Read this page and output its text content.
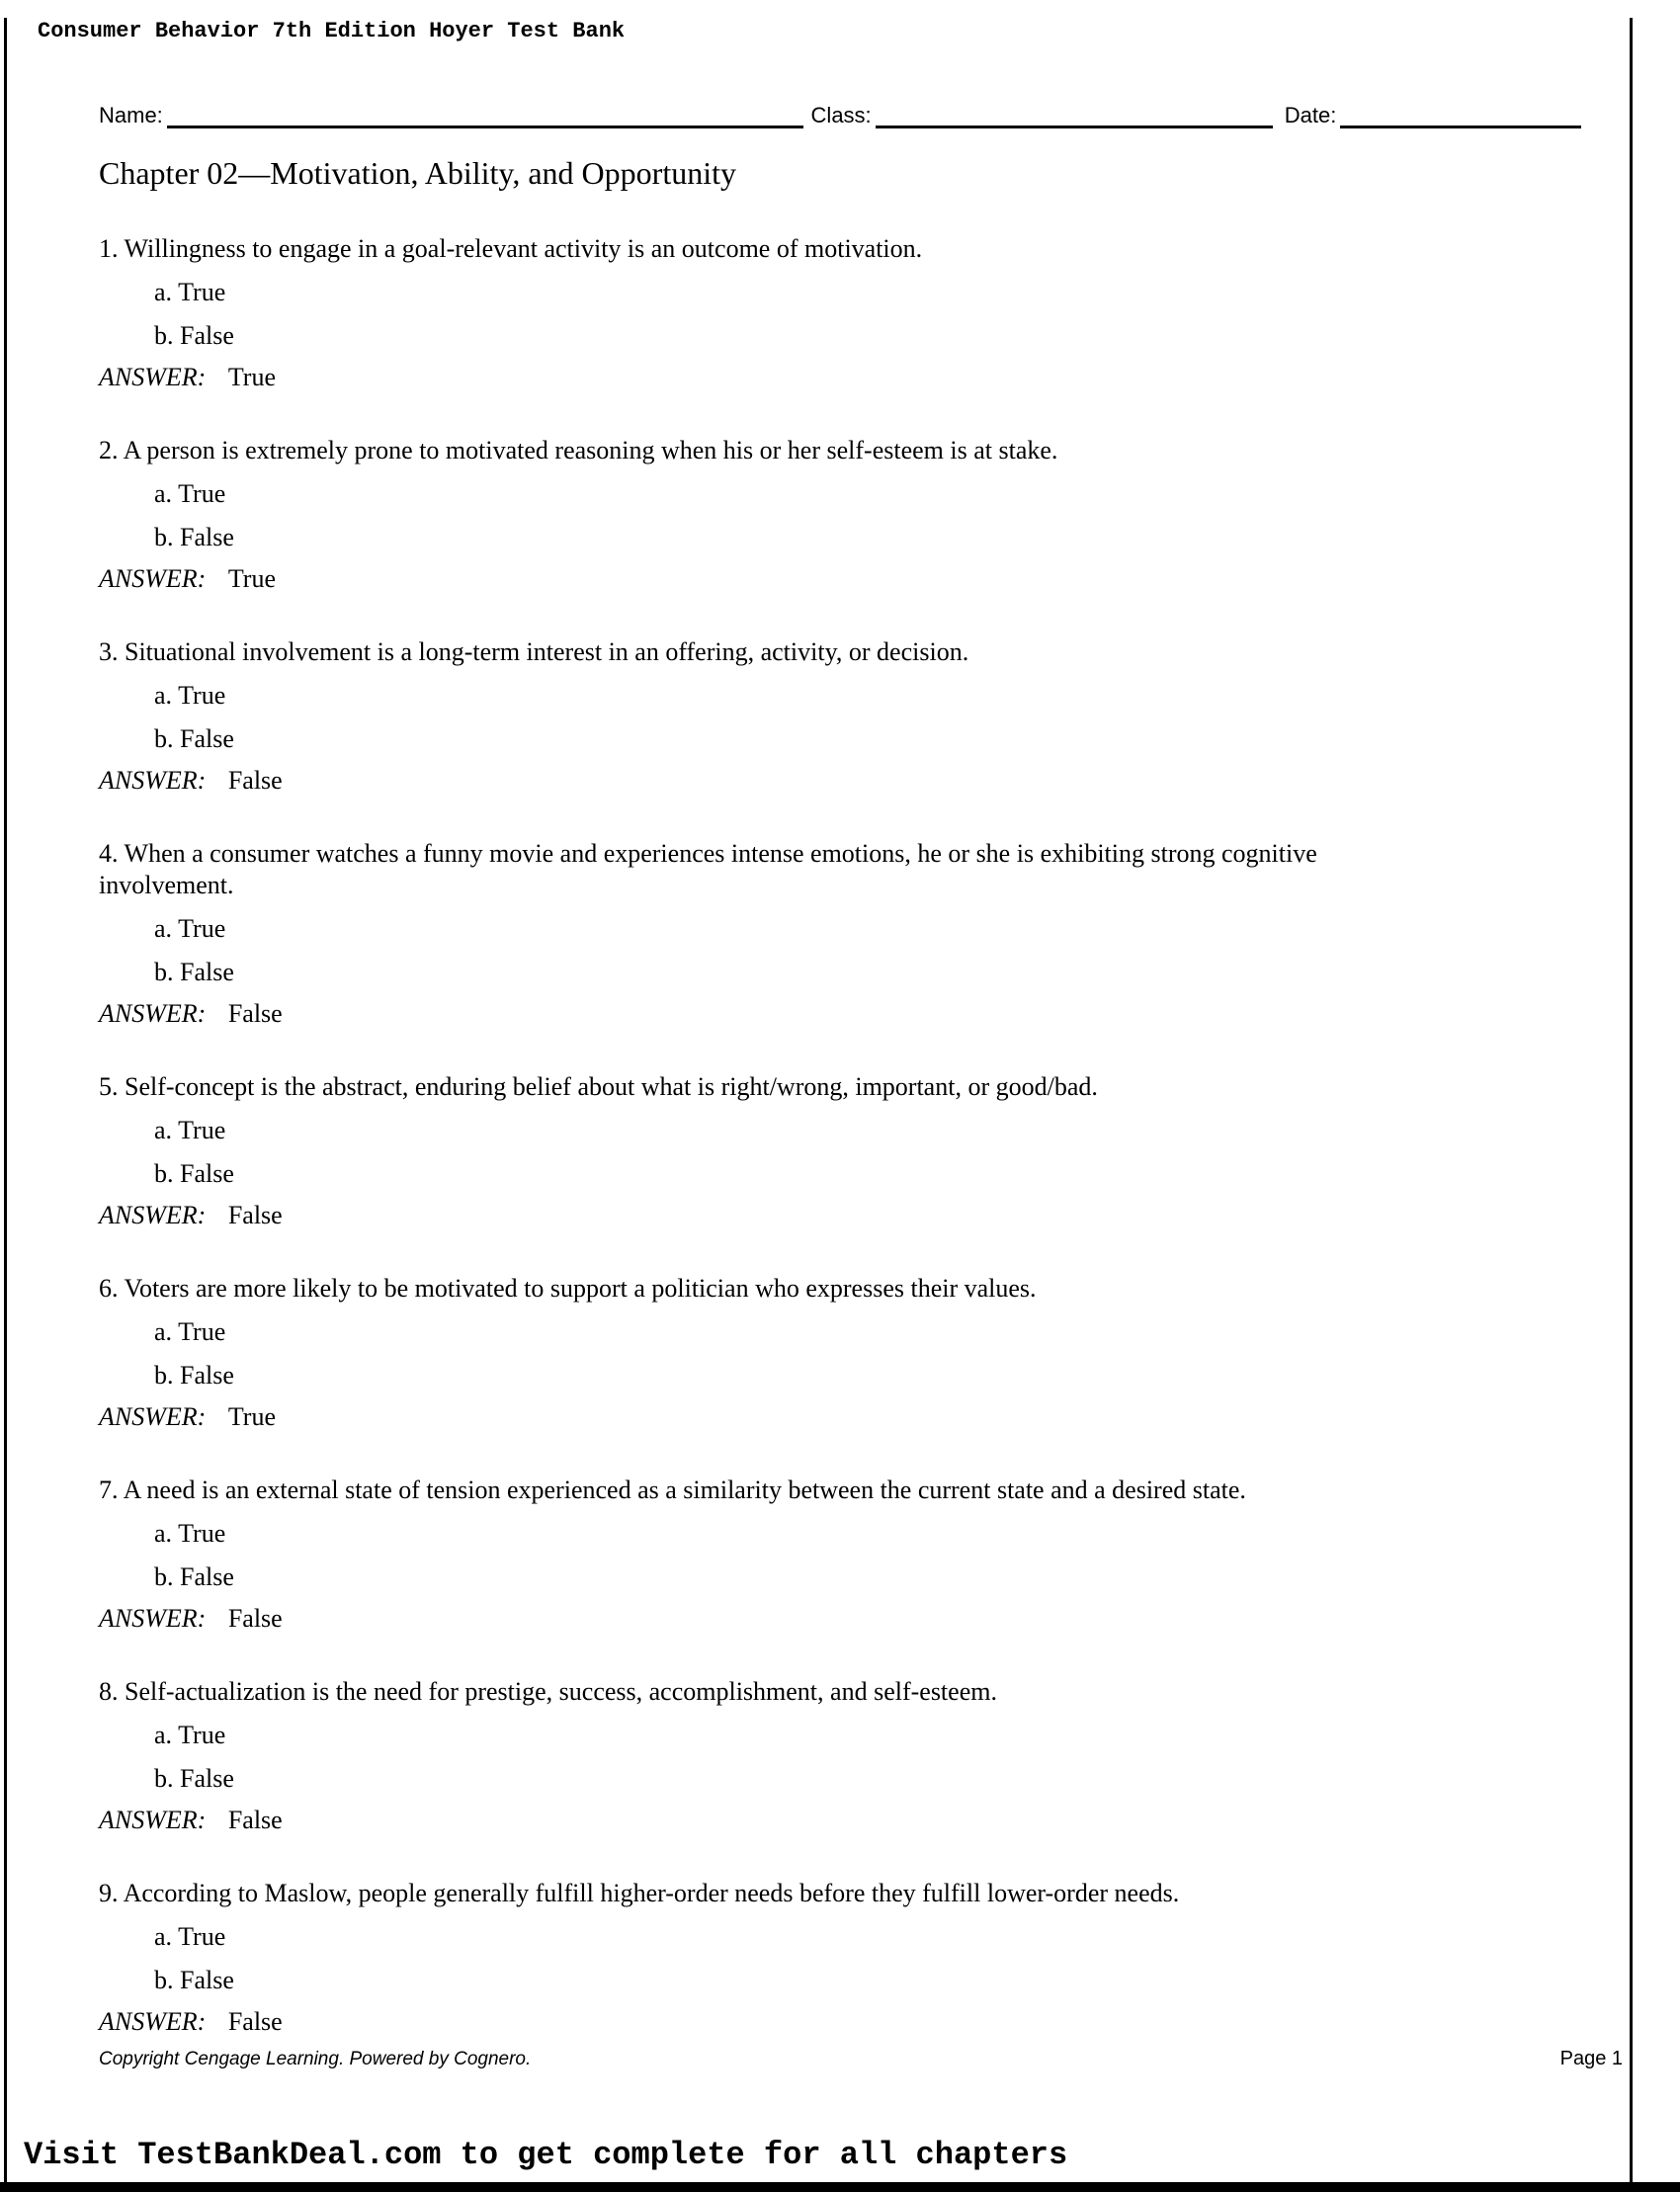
Consumer Behavior 7th Edition Hoyer Test Bank
Name:	Class:	Date:
Chapter 02—Motivation, Ability, and Opportunity
1. Willingness to engage in a goal-relevant activity is an outcome of motivation.
a. True
b. False
ANSWER: True
2. A person is extremely prone to motivated reasoning when his or her self-esteem is at stake.
a. True
b. False
ANSWER: True
3. Situational involvement is a long-term interest in an offering, activity, or decision.
a. True
b. False
ANSWER: False
4. When a consumer watches a funny movie and experiences intense emotions, he or she is exhibiting strong cognitive
involvement.
a. True
b. False
ANSWER: False
5. Self-concept is the abstract, enduring belief about what is right/wrong, important, or good/bad.
a. True
b. False
ANSWER: False
6. Voters are more likely to be motivated to support a politician who expresses their values.
a. True
b. False
ANSWER: True
7. A need is an external state of tension experienced as a similarity between the current state and a desired state.
a. True
b. False
ANSWER: False
8. Self-actualization is the need for prestige, success, accomplishment, and self-esteem.
a. True
b. False
ANSWER: False
9. According to Maslow, people generally fulfill higher-order needs before they fulfill lower-order needs.
a. True
b. False
ANSWER: False
Copyright Cengage Learning. Powered by Cognero.	Page 1
Visit TestBankDeal.com to get complete for all chapters
